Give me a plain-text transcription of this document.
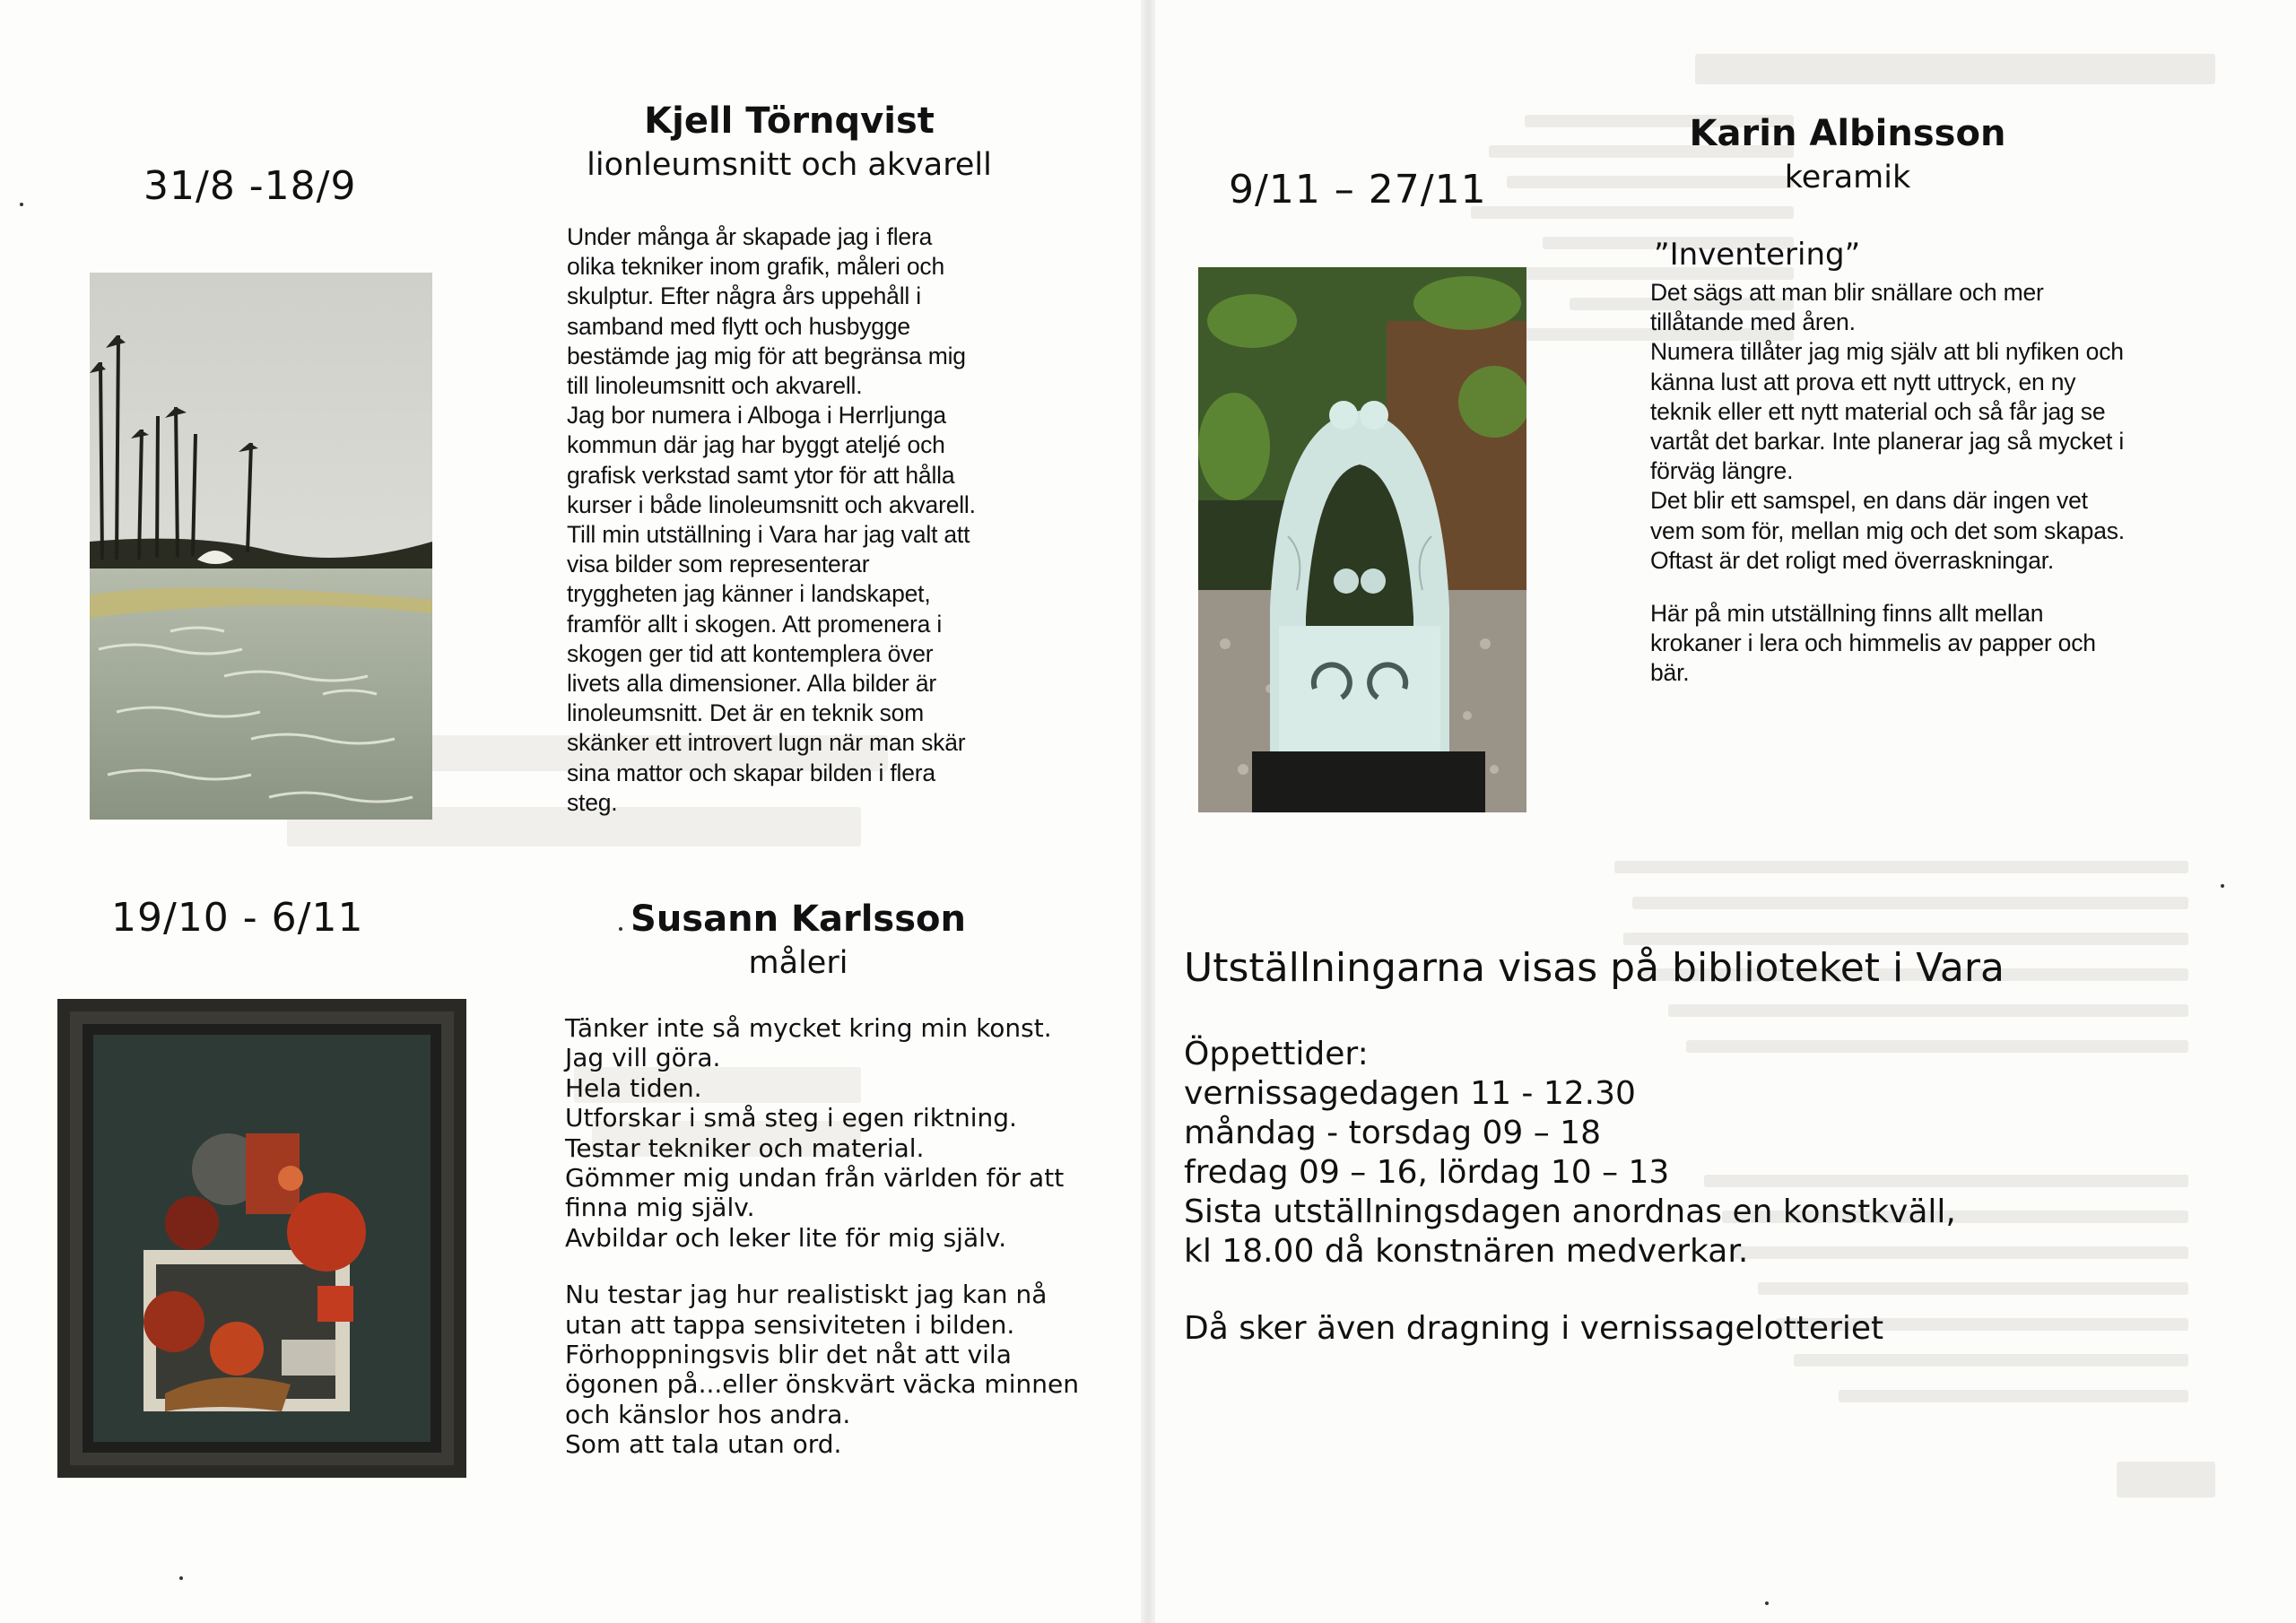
31/8 -18/9
Kjell Törnqvist
lionleumsnitt och akvarell

Under många år skapade jag i flera

olika tekniker inom grafik, måleri och

skulptur. Efter några års uppehåll i

samband med flytt och husbygge

bestämde jag mig för att begränsa mig

till linoleumsnitt och akvarell.

Jag bor numera i Alboga i Herrljunga

kommun där jag har byggt ateljé och

grafisk verkstad samt ytor för att hålla

kurser i både linoleumsnitt och akvarell.

Till min utställning i Vara har jag valt att

visa bilder som representerar

tryggheten jag känner i landskapet,

framför allt i skogen. Att promenera i

skogen ger tid att kontemplera över

livets alla dimensioner. Alla bilder är

linoleumsnitt. Det är en teknik som

skänker ett introvert lugn när man skär

sina mattor och skapar bilden i flera

steg.

19/10 - 6/11	Susann Karlsson
måleri

Tänker inte så mycket kring min konst.

Jag vill göra.

Hela tiden.

Utforskar i små steg i egen riktning.

Testar tekniker och material.

Gömmer mig undan från världen för att

finna mig själv.

Avbildar och leker lite för mig själv.

Nu testar jag hur realistiskt jag kan nå

utan att tappa sensiviteten i bilden.

Förhoppningsvis blir det nåt att vila

ögonen på...eller önskvärt väcka minnen

och känslor hos andra.

Som att tala utan ord.

9/11 – 27/11
Karin Albinsson
keramik
”Inventering”

Det sägs att man blir snällare och mer

tillåtande med åren.

Numera tillåter jag mig själv att bli nyfiken och

känna lust att prova ett nytt uttryck, en ny

teknik eller ett nytt material och så får jag se

vartåt det barkar. Inte planerar jag så mycket i

förväg längre.

Det blir ett samspel, en dans där ingen vet

vem som för, mellan mig och det som skapas.

Oftast är det roligt med överraskningar.

Här på min utställning finns allt mellan

krokaner i lera och himmelis av papper och

bär.

Utställningarna visas på biblioteket i Vara

Öppettider:

vernissagedagen 11 - 12.30

måndag - torsdag 09 – 18

fredag 09 – 16, lördag 10 – 13

Sista utställningsdagen anordnas en konstkväll,

kl 18.00 då konstnären medverkar.

Då sker även dragning i vernissagelotteriet
